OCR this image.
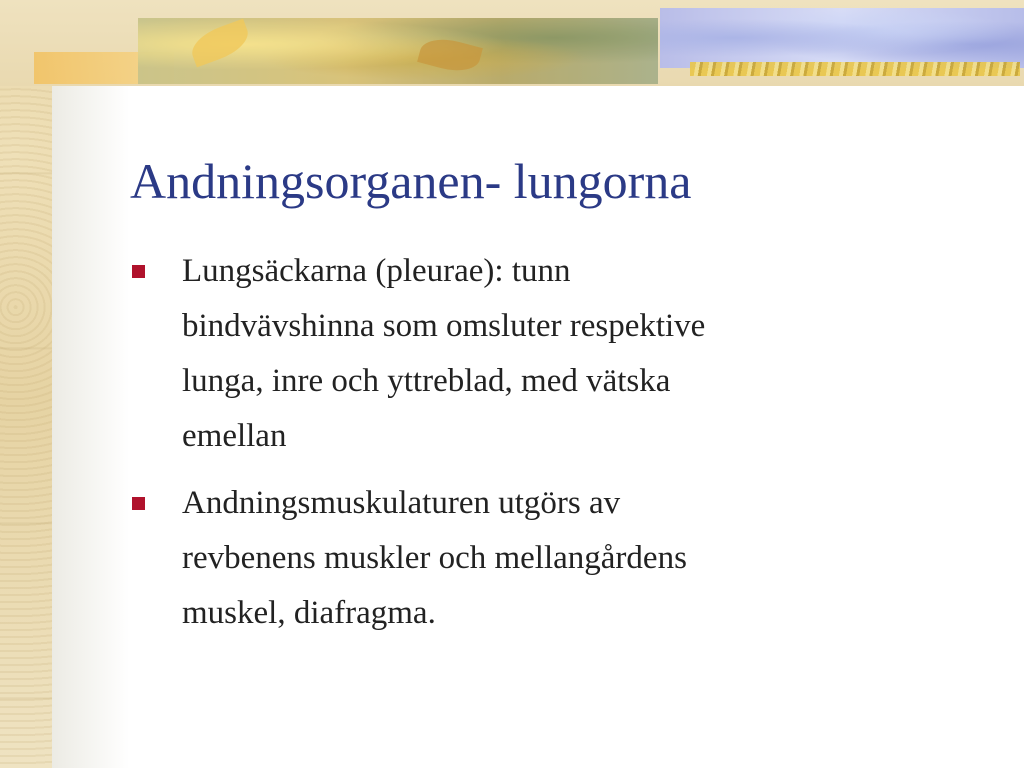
Andningsorganen- lungorna
Lungsäckarna (pleurae): tunn
bindvävshinna som omsluter respektive
lunga, inre och yttreblad, med vätska
emellan
Andningsmuskulaturen utgörs av
revbenens muskler och mellangårdens
muskel, diafragma.
